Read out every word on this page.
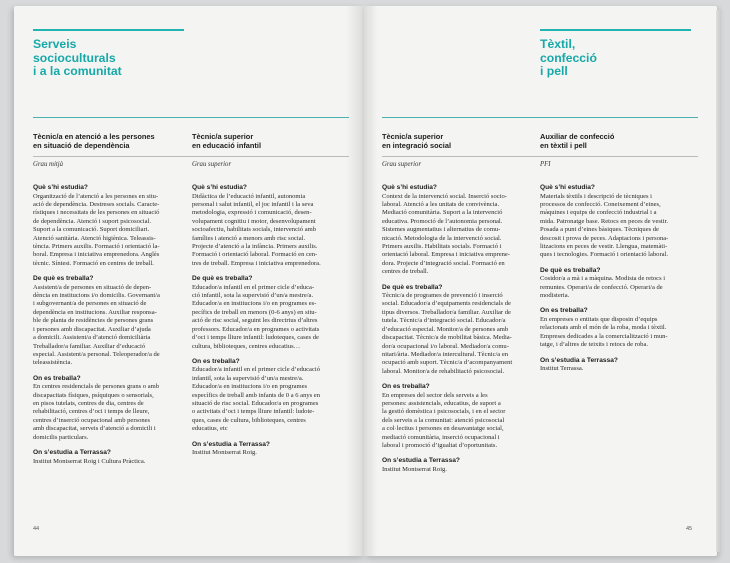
Serveis
socioculturals
i a la comunitat
Tècnic/a en atenció a les persones
en situació de dependència
Tècnic/a superior
en educació infantil
Grau mitjà	Grau superior
Què s’hi estudia?
Organització de l’atenció a les persones en situ-
ació de dependència. Destreses socials. Caracte-
rístiques i necessitats de les persones en situació
de dependència. Atenció i suport psicosocial.
Suport a la comunicació. Suport domiciliari.
Atenció sanitària. Atenció higiènica. Teleassis-
tència. Primers auxilis. Formació i orientació la-
boral. Empresa i iniciativa emprenedora. Anglès
tècnic. Síntesi. Formació en centres de treball.
De què es treballa?
Assistent/a de persones en situació de depen-
dència en institucions i/o domicilis. Governant/a
i subgovernant/a de persones en situació de
dependència en institucions. Auxiliar responsa-
ble de planta de residències de persones grans
i persones amb discapacitat. Auxiliar d’ajuda
a domicili. Assistent/a d’atenció domiciliària
Treballador/a familiar. Auxiliar d’educació
especial. Assistent/a personal. Teleoperador/a de
teleassistència.
On es treballa?
En centres residencials de persones grans o amb
discapacitats físiques, psíquiques o sensorials,
en pisos tutelats, centres de dia, centres de
rehabilitació, centres d’oci i temps de lleure,
centres d’inserció ocupacional amb persones
amb discapacitat, serveis d’atenció a domicili i
domicilis particulars.
On s’estudia a Terrassa?
Institut Montserrat Roig i Cultura Pràctica.
Què s’hi estudia?
Didàctica de l’educació infantil, autonomia
personal i salut infantil, el joc infantil i la seva
metodologia, expressió i comunicació, desen-
volupament cognitiu i motor, desenvolupament
socioafectiu, habilitats socials, intervenció amb
famílies i atenció a menors amb risc social.
Projecte d’atenció a la infància. Primers auxilis.
Formació i orientació laboral. Formació en cen-
tres de treball. Empresa i iniciativa emprenedora.
De què es treballa?
Educador/a infantil en el primer cicle d’educa-
ció infantil, sota la supervisió d’un/a mestre/a.
Educador/a en institucions i/o en programes es-
pecífics de treball en menors (0-6 anys) en situ-
ació de risc social, seguint les directrius d’altres
professors. Educador/a en programes o activitats
d’oci i temps lliure infantil: ludoteques, cases de
cultura, biblioteques, centres educatius…
On es treballa?
Educador/a infantil en el primer cicle d’educació
infantil, sota la supervisió d’un/a mestre/a.
Educador/a en institucions i/o en programes
específics de treball amb infants de 0 a 6 anys en
situació de risc social. Educador/a en programes
o activitats d’oci i temps lliure infantil: ludote-
ques, cases de cultura, biblioteques, centres
educatius, etc
On s’estudia a Terrassa?
Institut Montserrat Roig.
44
Tèxtil,
confecció
i pell
Tècnic/a superior
en integració social
Auxiliar de confecció
en tèxtil i pell
Grau superior	PFI
Què s’hi estudia?
Context de la intervenció social. Inserció socio-
laboral. Atenció a les unitats de convivència.
Mediació comunitària. Suport a la intervenció
educativa. Promoció de l’autonomia personal.
Sistemes augmentatius i alternatius de comu-
nicació. Metodologia de la intervenció social.
Primers auxilis. Habilitats socials. Formació i
orientació laboral. Empresa i iniciativa emprene-
dora. Projecte d’integració social. Formació en
centres de treball.
De què es treballa?
Tècnic/a de programes de prevenció i inserció
social. Educador/a d’equipaments residencials de
tipus diversos. Treballador/a familiar. Auxiliar de
tutela. Tècnic/a d’integració social. Educador/a
d’educació especial. Monitor/a de persones amb
discapacitat. Tècnic/a de mobilitat bàsica. Media-
dor/a ocupacional i/o laboral. Mediador/a comu-
nitari/ària. Mediador/a intercultural. Tècnic/a en
ocupació amb suport. Tècnic/a d’acompanyament
laboral. Monitor/a de rehabilitació psicosocial.
On es treballa?
En empreses del sector dels serveis a les
persones: assistencials, educatius, de suport a
la gestió domèstica i psicosocials, i en el sector
dels serveis a la comunitat: atenció psicosocial
a col·lectius i persones en desavantatge social,
mediació comunitària, inserció ocupacional i
laboral i promoció d’igualtat d’oportunitats.
On s’estudia a Terrassa?
Institut Montserrat Roig.
Què s’hi estudia?
Materials tèxtils i descripció de tècniques i
processos de confecció. Coneixement d’eines,
màquines i equips de confecció industrial i a
mida. Patronatge base. Retocs en peces de vestir.
Posada a punt d’eines bàsiques. Tècniques de
descosit i prova de peces. Adaptacions i persona-
litzacions en peces de vestir. Llengua, matemàti-
ques i tecnologies. Formació i orientació laboral.
De què es treballa?
Cosidor/a a mà i a màquina. Modista de retocs i
remuntes. Operari/a de confecció. Operari/a de
modisteria.
On es treballa?
En empreses o entitats que disposin d’equips
relacionats amb el món de la roba, moda i tèxtil.
Empreses dedicades a la comercialització i mun-
tatge, i d’altres de teixits i retocs de roba.
On s’estudia a Terrassa?
Institut Terrassa.
45
